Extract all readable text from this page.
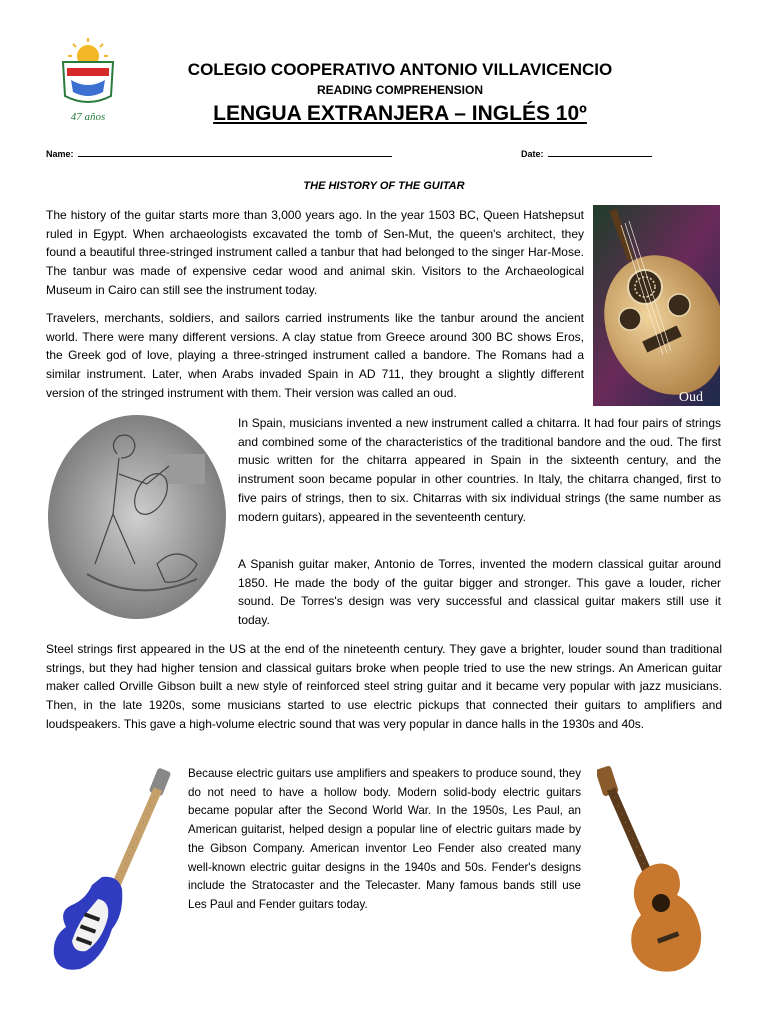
47 años
COLEGIO COOPERATIVO ANTONIO VILLAVICENCIO
READING COMPREHENSION
LENGUA EXTRANJERA – INGLÉS 10º
Name:	Date:
THE HISTORY OF THE GUITAR

The history of the guitar starts more than 3,000 years ago. In the year 1503 BC, Queen Hatshepsut ruled in Egypt. When archaeologists excavated the tomb of Sen-Mut, the queen's architect, they found a beautiful three-stringed instrument called a tanbur that had belonged to the singer Har-Mose. The tanbur was made of expensive cedar wood and animal skin. Visitors to the Archaeological Museum in Cairo can still see the instrument today.

Travelers, merchants, soldiers, and sailors carried instruments like the tanbur around the ancient world. There were many different versions. A clay statue from Greece around 300 BC shows Eros, the Greek god of love, playing a three-stringed instrument called a bandore. The Romans had a similar instrument. Later, when Arabs invaded Spain in AD 711, they brought a slightly different version of the stringed instrument with them. Their version was called an oud.

In Spain, musicians invented a new instrument called a chitarra. It had four pairs of strings and combined some of the characteristics of the traditional bandore and the oud. The first music written for the chitarra appeared in Spain in the sixteenth century, and the instrument soon became popular in other countries. In Italy, the chitarra changed, first to five pairs of strings, then to six. Chitarras with six individual strings (the same number as modern guitars), appeared in the seventeenth century.

A Spanish guitar maker, Antonio de Torres, invented the modern classical guitar around 1850. He made the body of the guitar bigger and stronger. This gave a louder, richer sound. De Torres's design was very successful and classical guitar makers still use it today.

Steel strings first appeared in the US at the end of the nineteenth century. They gave a brighter, louder sound than traditional strings, but they had higher tension and classical guitars broke when people tried to use the new strings. An American guitar maker called Orville Gibson built a new style of reinforced steel string guitar and it became very popular with jazz musicians. Then, in the late 1920s, some musicians started to use electric pickups that connected their guitars to amplifiers and loudspeakers. This gave a high-volume electric sound that was very popular in dance halls in the 1930s and 40s.

Because electric guitars use amplifiers and speakers to produce sound, they do not need to have a hollow body. Modern solid-body electric guitars became popular after the Second World War. In the 1950s, Les Paul, an American guitarist, helped design a popular line of electric guitars made by the Gibson Company. American inventor Leo Fender also created many well-known electric guitar designs in the 1940s and 50s. Fender's designs include the Stratocaster and the Telecaster. Many famous bands still use Les Paul and Fender guitars today.

Oud
